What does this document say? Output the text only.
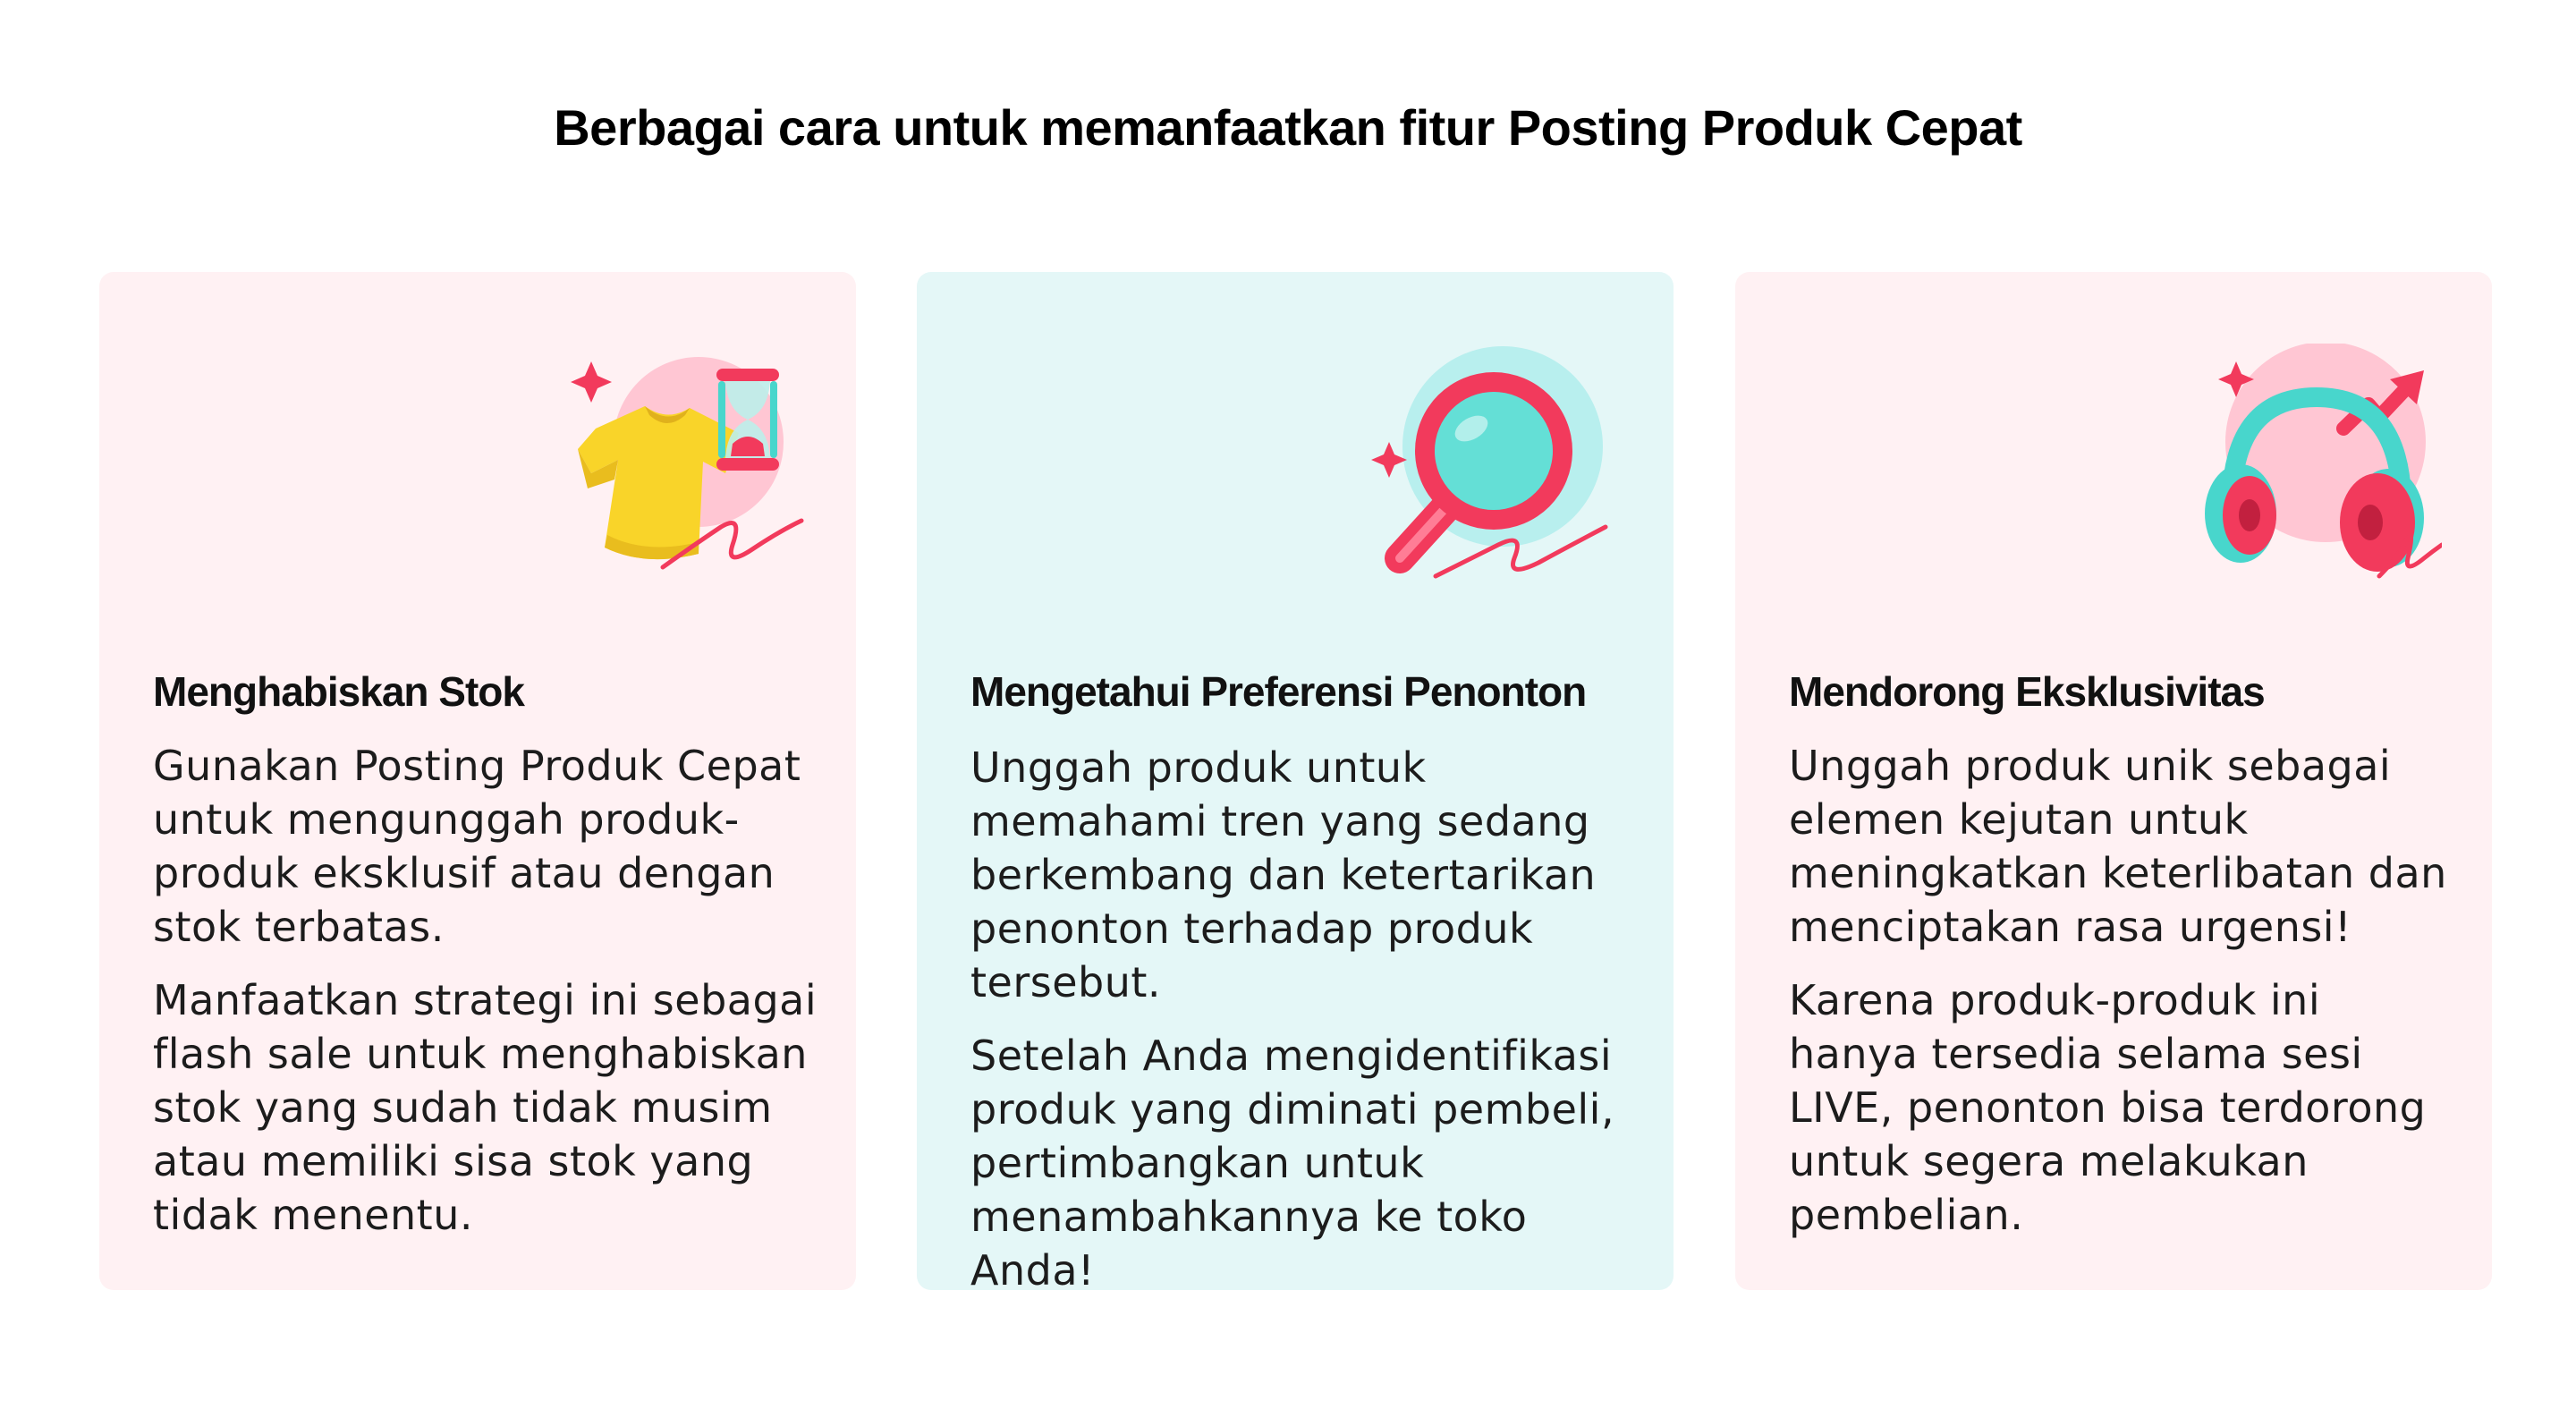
Berbagai cara untuk memanfaatkan fitur Posting Produk Cepat
Menghabiskan Stok

Gunakan Posting Produk Cepat
untuk mengunggah produk-
produk eksklusif atau dengan
stok terbatas.

Manfaatkan strategi ini sebagai
flash sale untuk menghabiskan
stok yang sudah tidak musim
atau memiliki sisa stok yang
tidak menentu.

Mengetahui Preferensi Penonton

Unggah produk untuk
memahami tren yang sedang
berkembang dan ketertarikan
penonton terhadap produk
tersebut.

Setelah Anda mengidentifikasi
produk yang diminati pembeli,
pertimbangkan untuk
menambahkannya ke toko Anda!

Mendorong Eksklusivitas

Unggah produk unik sebagai
elemen kejutan untuk
meningkatkan keterlibatan dan
menciptakan rasa urgensi!

Karena produk-produk ini
hanya tersedia selama sesi
LIVE, penonton bisa terdorong
untuk segera melakukan
pembelian.
